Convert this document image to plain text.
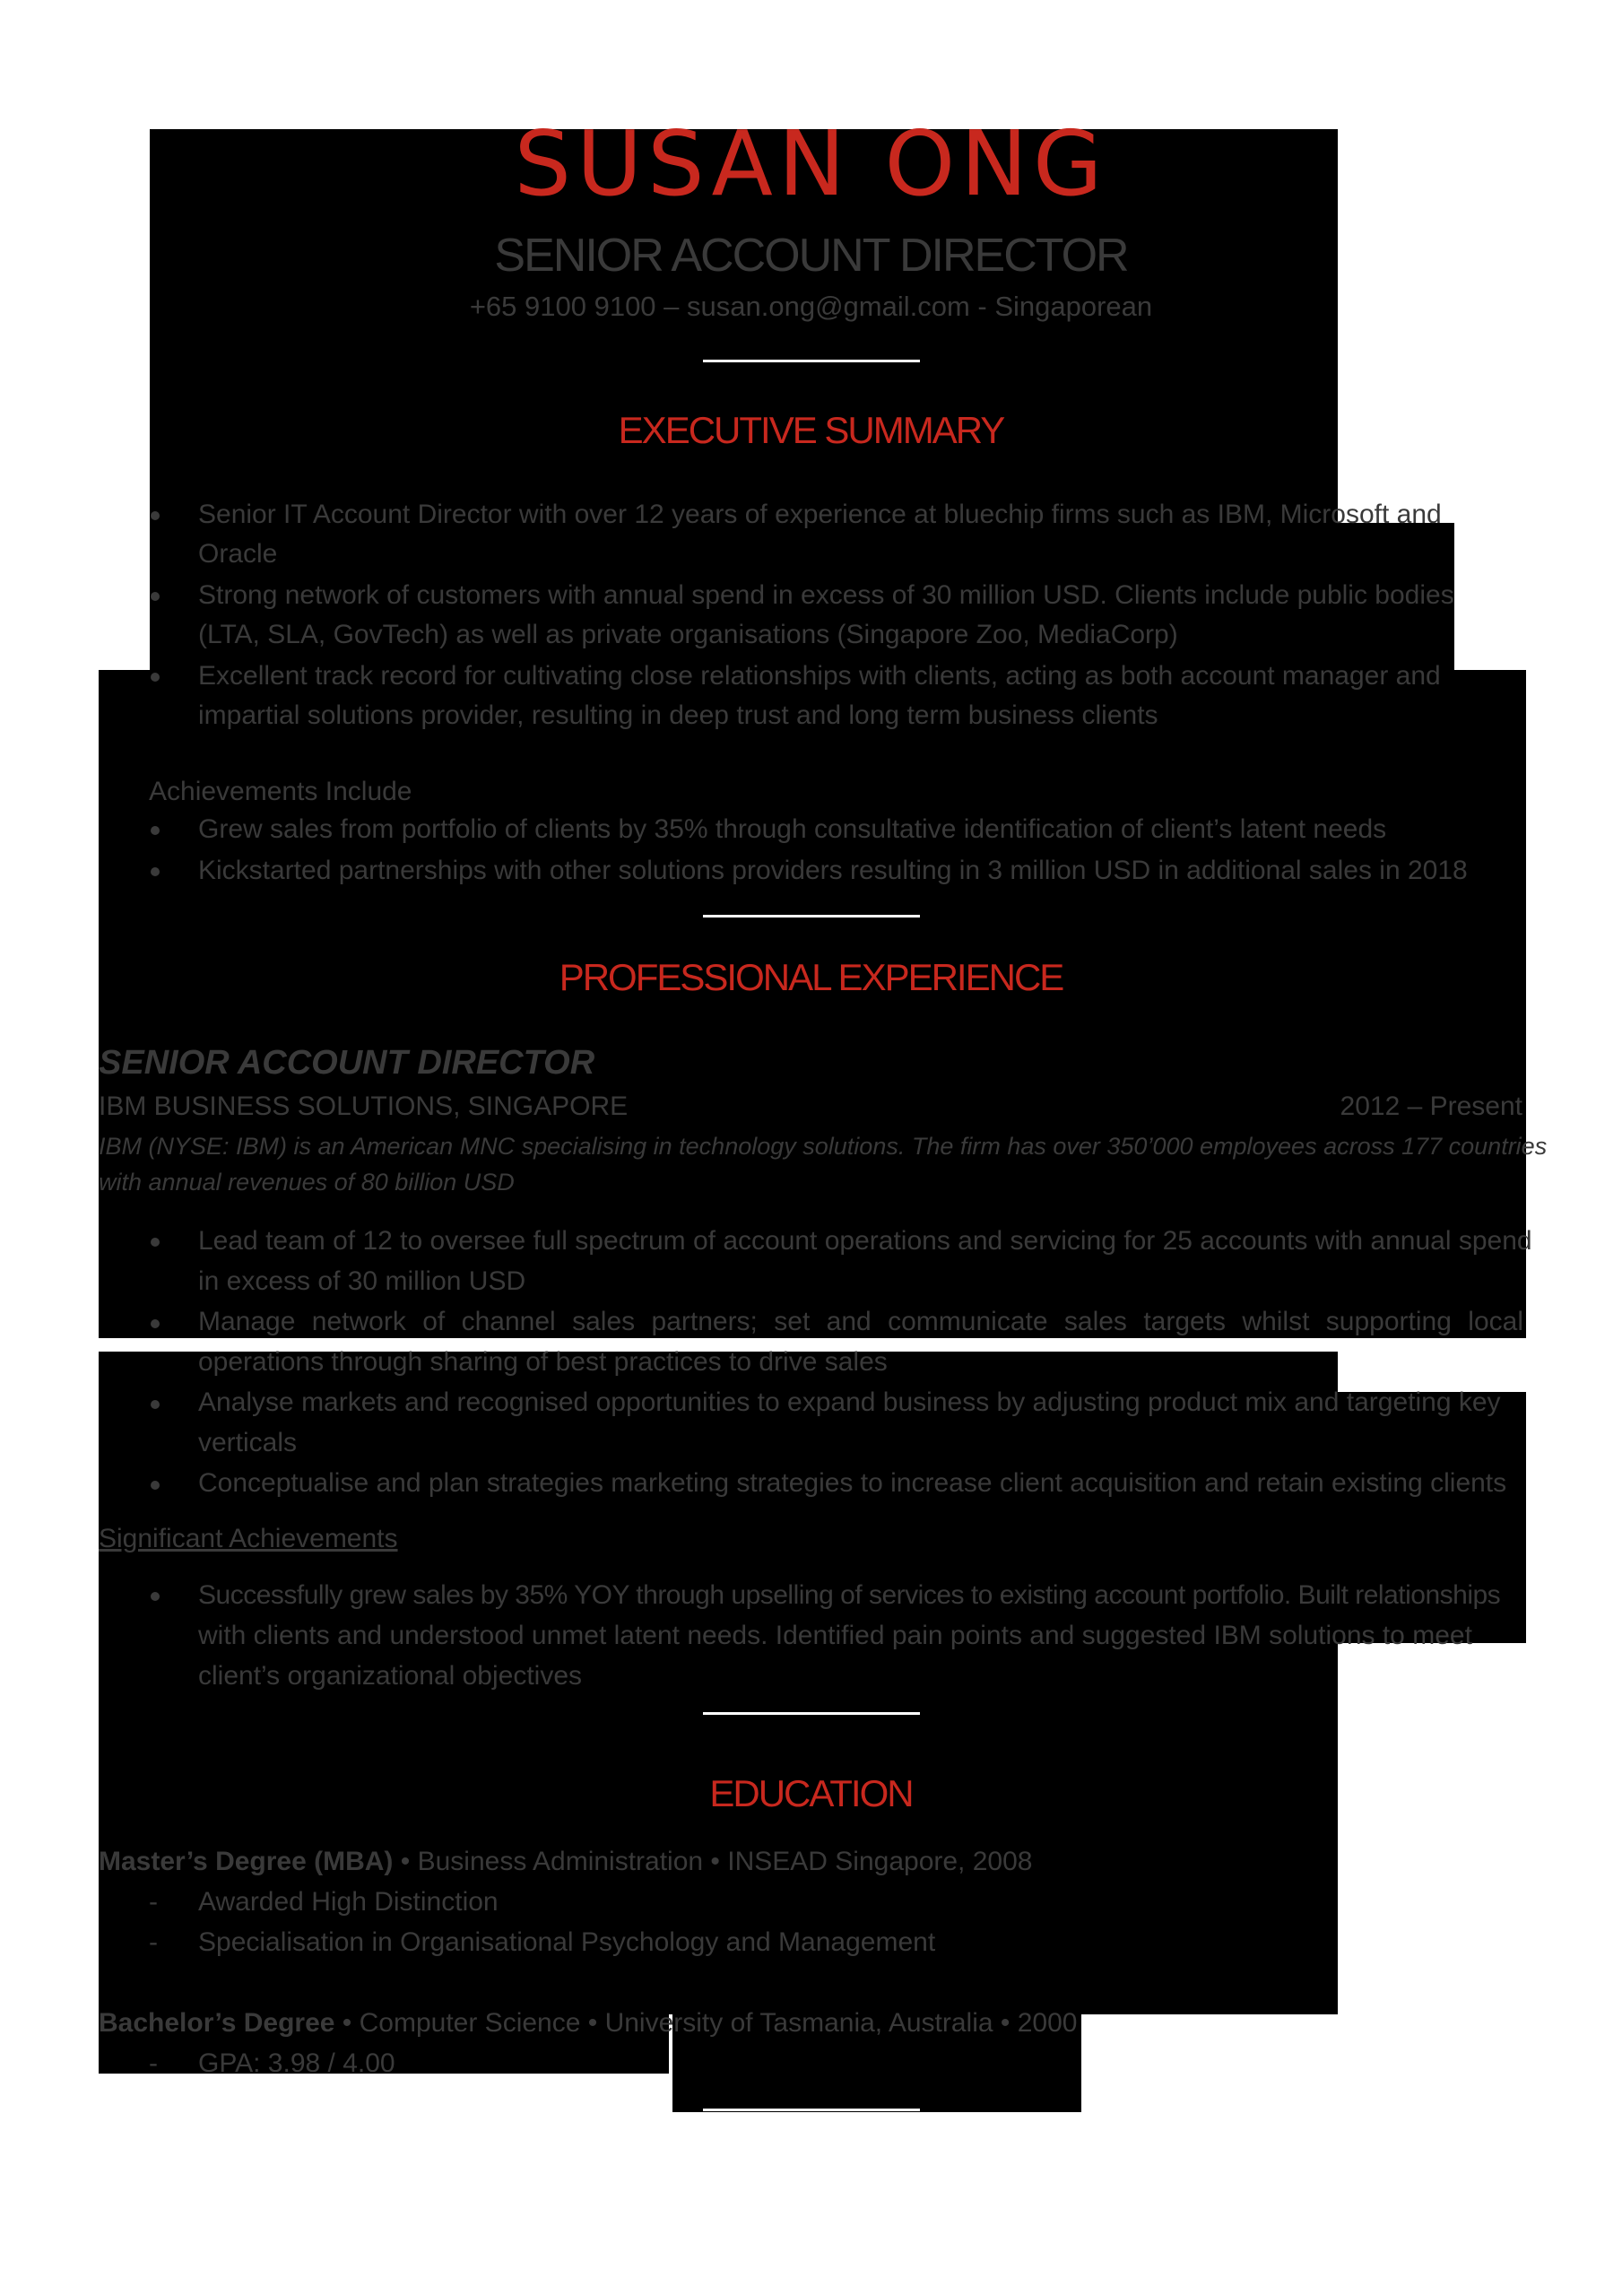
SUSAN ONG
SENIOR ACCOUNT DIRECTOR
+65 9100 9100 – susan.ong@gmail.com - Singaporean
EXECUTIVE SUMMARY
Senior IT Account Director with over 12 years of experience at bluechip firms such as IBM, Microsoft and
Oracle
Strong network of customers with annual spend in excess of 30 million USD. Clients include public bodies
(LTA, SLA, GovTech) as well as private organisations (Singapore Zoo, MediaCorp)
Excellent track record for cultivating close relationships with clients, acting as both account manager and
impartial solutions provider, resulting in deep trust and long term business clients
Achievements Include
Grew sales from portfolio of clients by 35% through consultative identification of client’s latent needs
Kickstarted partnerships with other solutions providers resulting in 3 million USD in additional sales in 2018
PROFESSIONAL EXPERIENCE
SENIOR ACCOUNT DIRECTOR
IBM BUSINESS SOLUTIONS, SINGAPORE	2012 – Present
IBM (NYSE: IBM) is an American MNC specialising in technology solutions. The firm has over 350’000 employees across 177 countries
with annual revenues of 80 billion USD
Lead team of 12 to oversee full spectrum of account operations and servicing for 25 accounts with annual spend
in excess of 30 million USD
Manage network of channel sales partners; set and communicate sales targets whilst supporting local
operations through sharing of best practices to drive sales
Analyse markets and recognised opportunities to expand business by adjusting product mix and targeting key
verticals
Conceptualise and plan strategies marketing strategies to increase client acquisition and retain existing clients
Significant Achievements
Successfully grew sales by 35% YOY through upselling of services to existing account portfolio. Built relationships
with clients and understood unmet latent needs. Identified pain points and suggested IBM solutions to meet
client’s organizational objectives
EDUCATION
Master’s Degree (MBA) • Business Administration • INSEAD Singapore, 2008
- Awarded High Distinction
- Specialisation in Organisational Psychology and Management
Bachelor’s Degree • Computer Science • University of Tasmania, Australia • 2000
- GPA: 3.98 / 4.00
